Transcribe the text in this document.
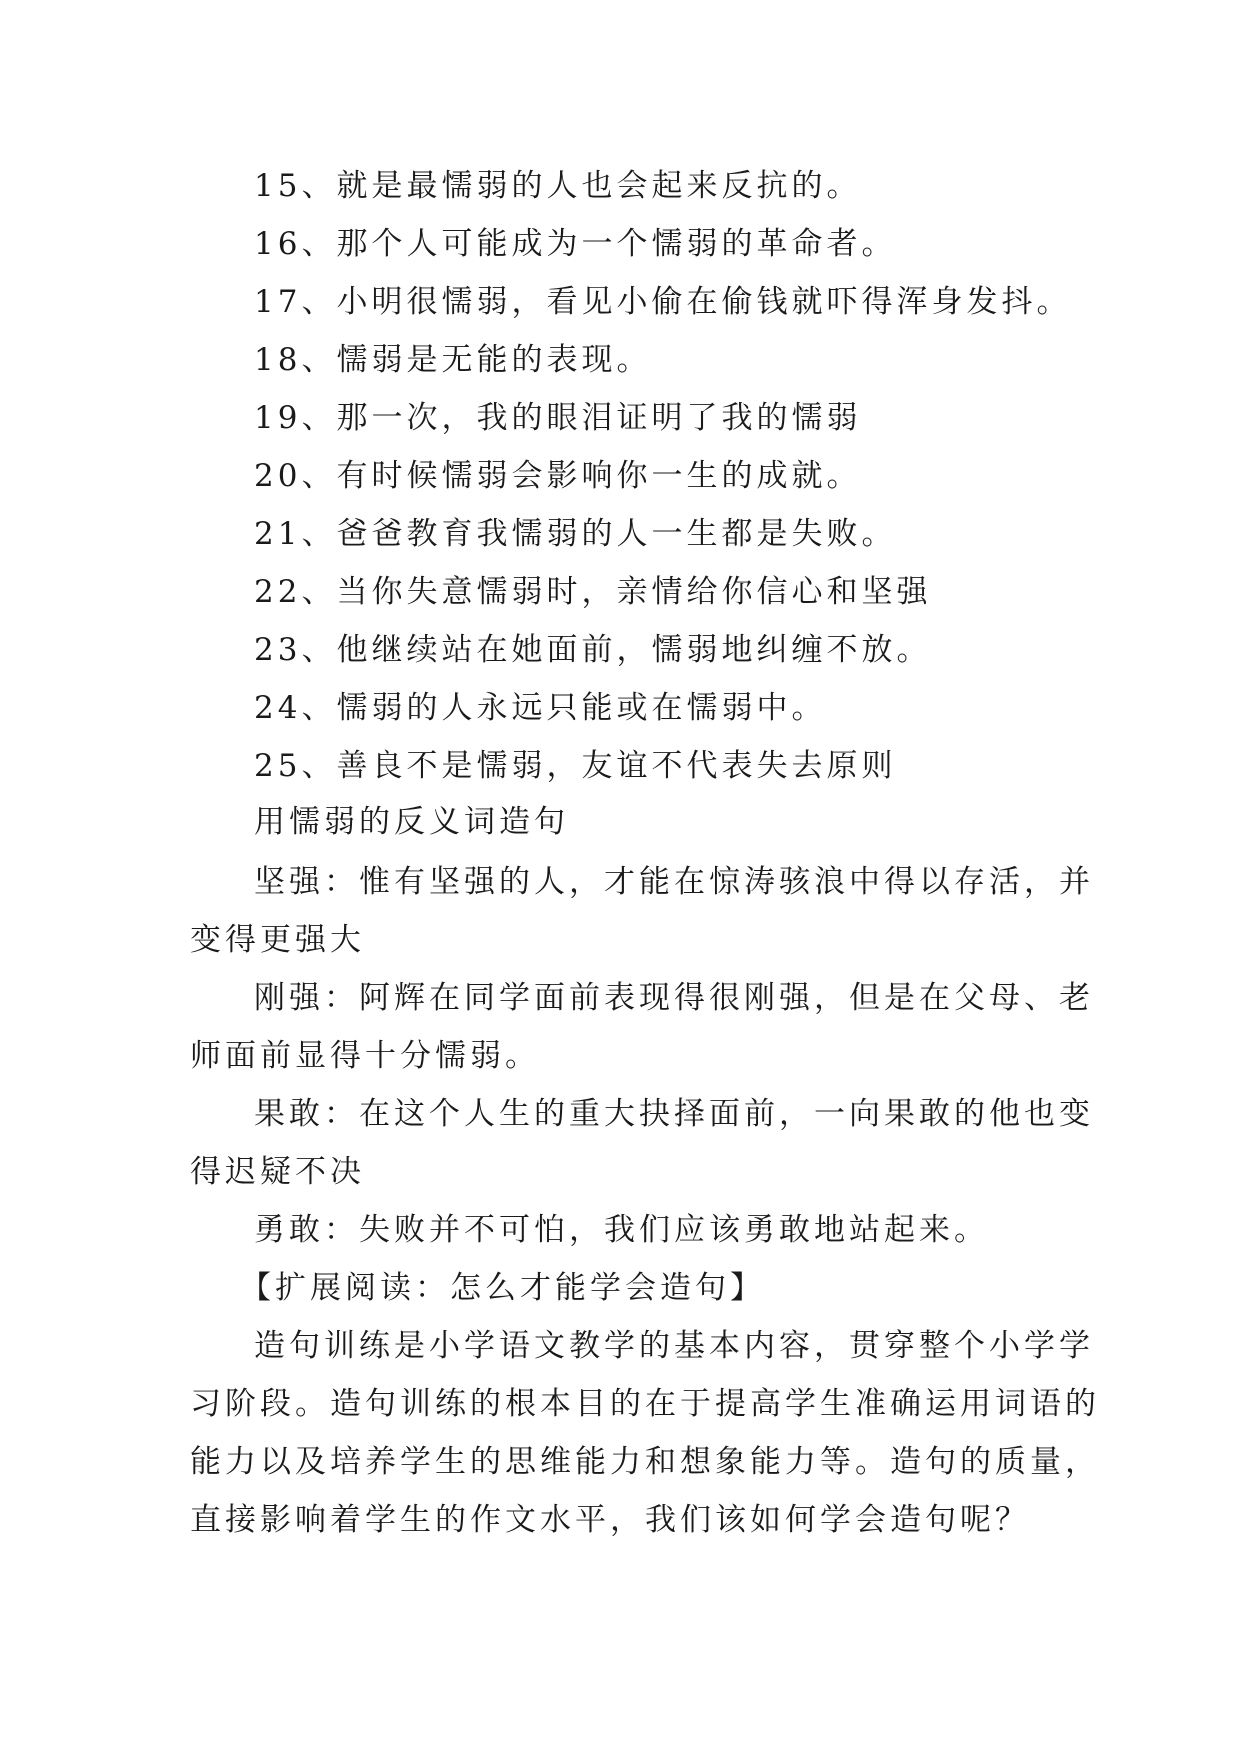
15、就是最懦弱的人也会起来反抗的。

16、那个人可能成为一个懦弱的革命者。

17、小明很懦弱，看见小偷在偷钱就吓得浑身发抖。

18、懦弱是无能的表现。

19、那一次，我的眼泪证明了我的懦弱

20、有时候懦弱会影响你一生的成就。

21、爸爸教育我懦弱的人一生都是失败。

22、当你失意懦弱时，亲情给你信心和坚强

23、他继续站在她面前，懦弱地纠缠不放。

24、懦弱的人永远只能或在懦弱中。

25、善良不是懦弱，友谊不代表失去原则

用懦弱的反义词造句

坚强：惟有坚强的人，才能在惊涛骇浪中得以存活，并

变得更强大

刚强：阿辉在同学面前表现得很刚强，但是在父母、老

师面前显得十分懦弱。

果敢：在这个人生的重大抉择面前，一向果敢的他也变

得迟疑不决

勇敢：失败并不可怕，我们应该勇敢地站起来。

【扩展阅读：怎么才能学会造句】

造句训练是小学语文教学的基本内容，贯穿整个小学学

习阶段。造句训练的根本目的在于提高学生准确运用词语的

能力以及培养学生的思维能力和想象能力等。造句的质量，

直接影响着学生的作文水平，我们该如何学会造句呢？
